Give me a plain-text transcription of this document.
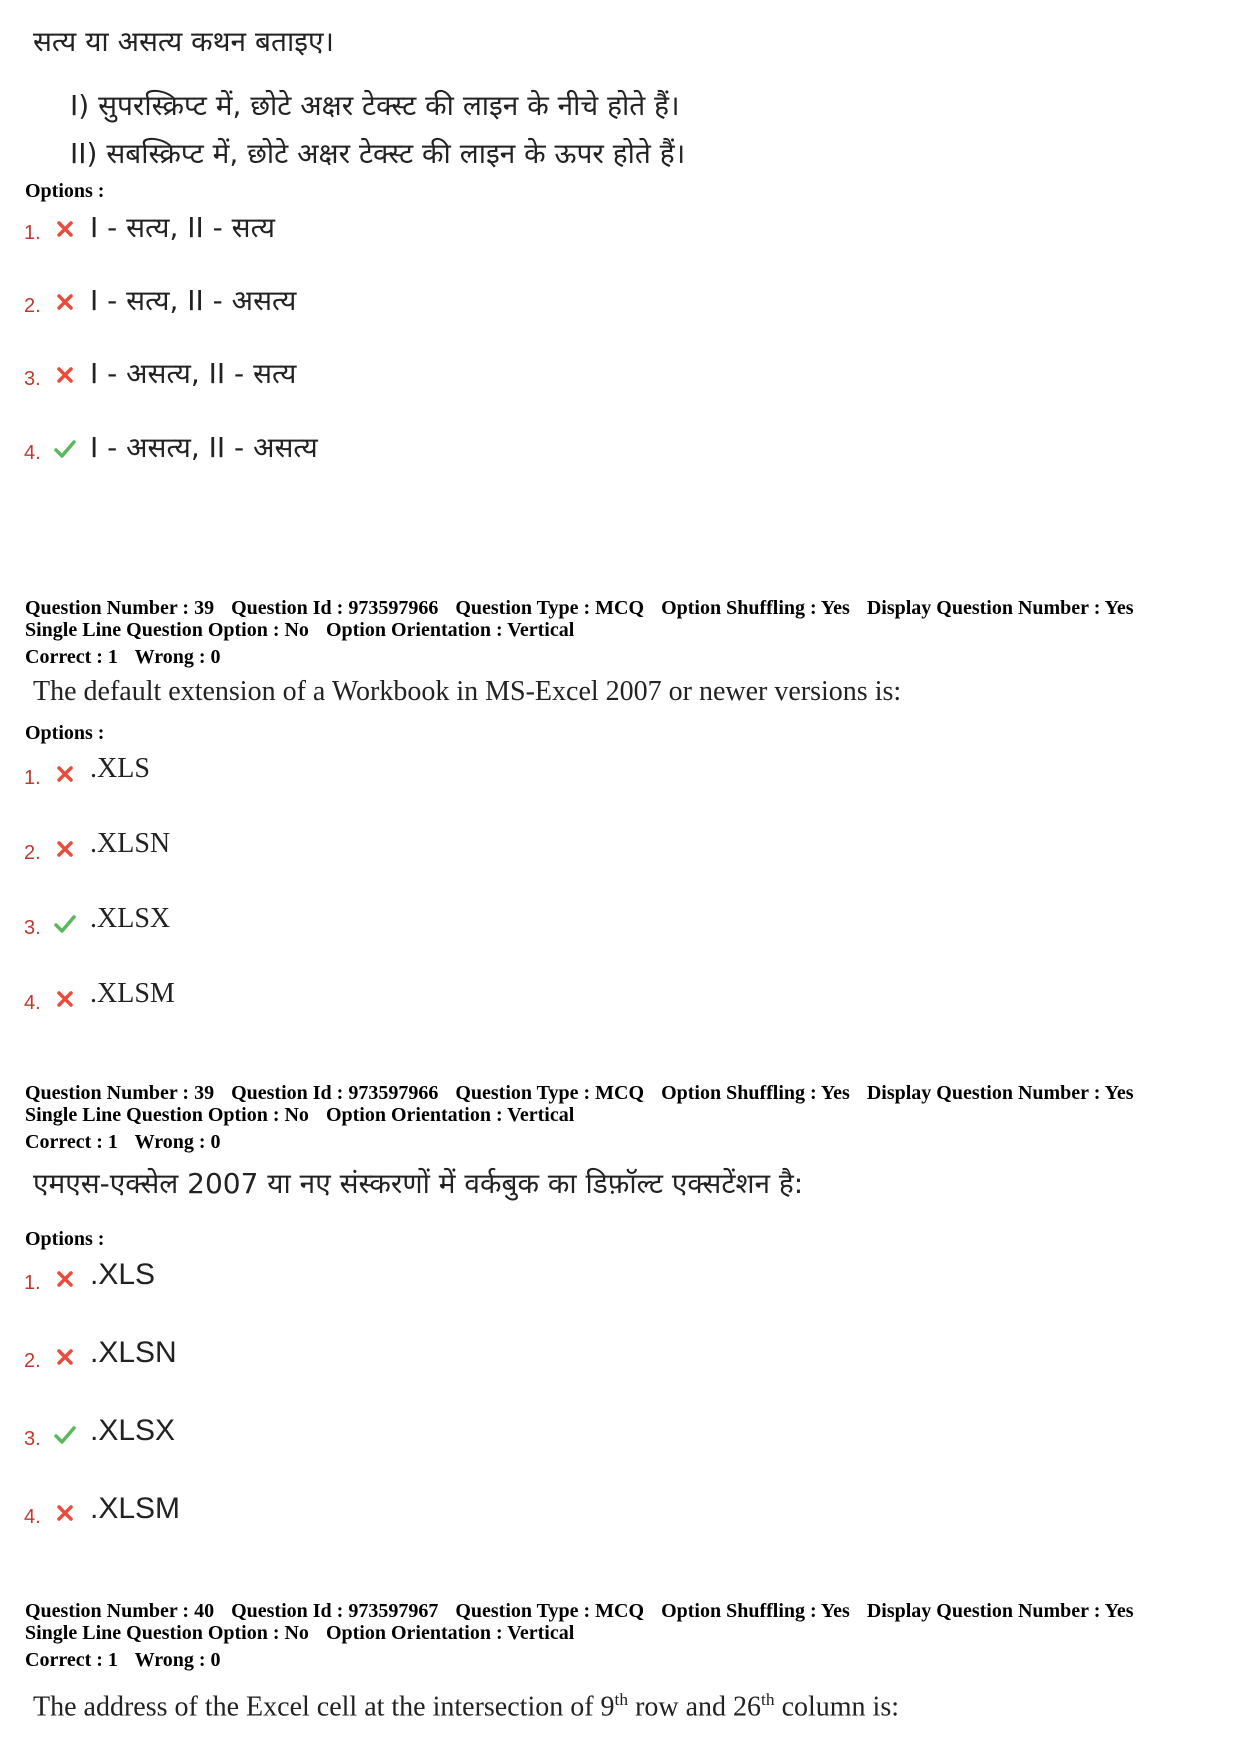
सत्य या असत्य कथन बताइए।
I) सुपरस्क्रिप्ट में, छोटे अक्षर टेक्स्ट की लाइन के नीचे होते हैं।
II) सबस्क्रिप्ट में, छोटे अक्षर टेक्स्ट की लाइन के ऊपर होते हैं।
Options :
1. I - सत्य, II - सत्य
2. I - सत्य, II - असत्य
3. I - असत्य, II - सत्य
4. I - असत्य, II - असत्य
Question Number : 39 Question Id : 973597966 Question Type : MCQ Option Shuffling : Yes Display Question Number : Yes
Single Line Question Option : No Option Orientation : Vertical
Correct : 1 Wrong : 0
The default extension of a Workbook in MS-Excel 2007 or newer versions is:
Options :
1. .XLS
2. .XLSN
3. .XLSX
4. .XLSM
Question Number : 39 Question Id : 973597966 Question Type : MCQ Option Shuffling : Yes Display Question Number : Yes
Single Line Question Option : No Option Orientation : Vertical
Correct : 1 Wrong : 0
एमएस-एक्सेल 2007 या नए संस्करणों में वर्कबुक का डिफ़ॉल्ट एक्सटेंशन है:
Options :
1. .XLS
2. .XLSN
3. .XLSX
4. .XLSM
Question Number : 40 Question Id : 973597967 Question Type : MCQ Option Shuffling : Yes Display Question Number : Yes
Single Line Question Option : No Option Orientation : Vertical
Correct : 1 Wrong : 0
The address of the Excel cell at the intersection of 9th row and 26th column is:
